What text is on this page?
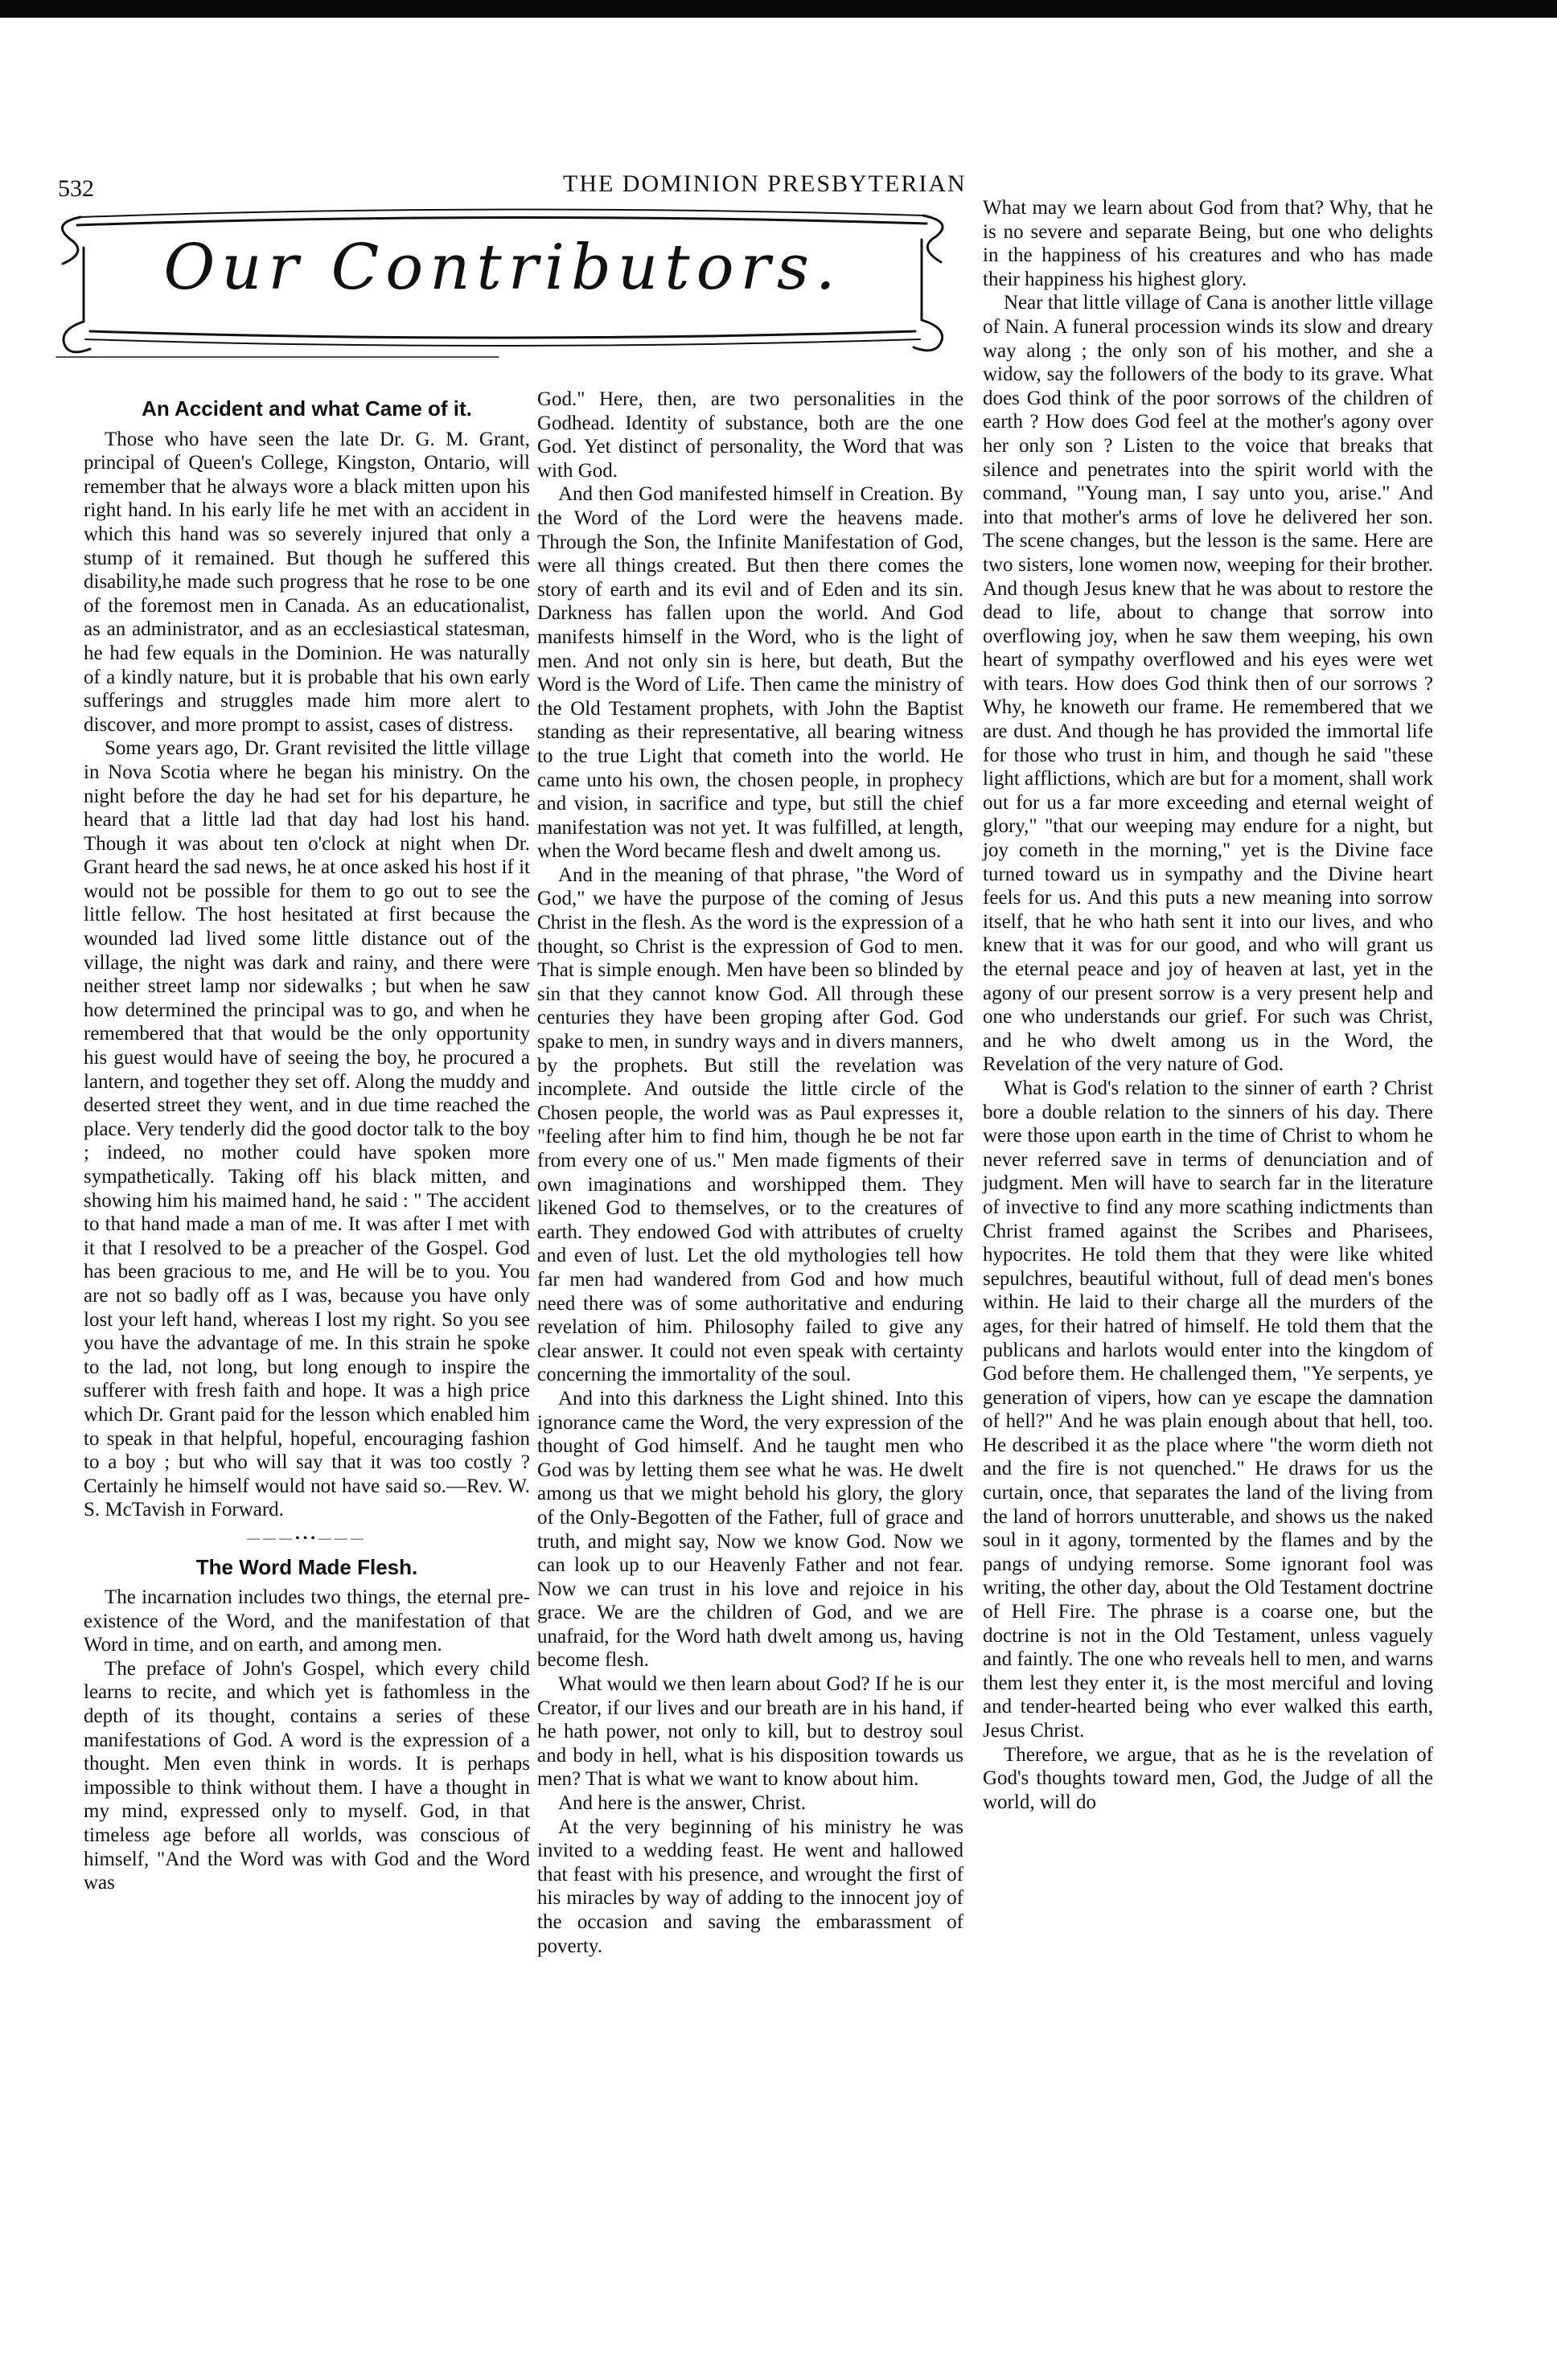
532	THE DOMINION PRESBYTERIAN
Our Contributors.
An Accident and what Came of it.

Those who have seen the late Dr. G. M. Grant, principal of Queen's College, Kingston, Ontario, will remember that he always wore a black mitten upon his right hand. In his early life he met with an accident in which this hand was so severely injured that only a stump of it remained. But though he suffered this disability,he made such progress that he rose to be one of the foremost men in Canada. As an educationalist, as an administrator, and as an ecclesiastical statesman, he had few equals in the Dominion. He was naturally of a kindly nature, but it is probable that his own early sufferings and struggles made him more alert to discover, and more prompt to assist, cases of distress.

Some years ago, Dr. Grant revisited the little village in Nova Scotia where he began his ministry. On the night before the day he had set for his departure, he heard that a little lad that day had lost his hand. Though it was about ten o'clock at night when Dr. Grant heard the sad news, he at once asked his host if it would not be possible for them to go out to see the little fellow. The host hesitated at first because the wounded lad lived some little distance out of the village, the night was dark and rainy, and there were neither street lamp nor sidewalks ; but when he saw how determined the principal was to go, and when he remembered that that would be the only opportunity his guest would have of seeing the boy, he procured a lantern, and together they set off. Along the muddy and deserted street they went, and in due time reached the place. Very tenderly did the good doctor talk to the boy ; indeed, no mother could have spoken more sympathetically. Taking off his black mitten, and showing him his maimed hand, he said : " The accident to that hand made a man of me. It was after I met with it that I resolved to be a preacher of the Gospel. God has been gracious to me, and He will be to you. You are not so badly off as I was, because you have only lost your left hand, whereas I lost my right. So you see you have the advantage of me. In this strain he spoke to the lad, not long, but long enough to inspire the sufferer with fresh faith and hope. It was a high price which Dr. Grant paid for the lesson which enabled him to speak in that helpful, hopeful, encouraging fashion to a boy ; but who will say that it was too costly ? Certainly he himself would not have said so.—Rev. W. S. McTavish in Forward.

———•••———
The Word Made Flesh.

The incarnation includes two things, the eternal pre-existence of the Word, and the manifestation of that Word in time, and on earth, and among men.

The preface of John's Gospel, which every child learns to recite, and which yet is fathomless in the depth of its thought, contains a series of these manifestations of God. A word is the expression of a thought. Men even think in words. It is perhaps impossible to think without them. I have a thought in my mind, expressed only to myself. God, in that timeless age before all worlds, was conscious of himself, "And the Word was with God and the Word was

God." Here, then, are two personalities in the Godhead. Identity of substance, both are the one God. Yet distinct of personality, the Word that was with God.

And then God manifested himself in Creation. By the Word of the Lord were the heavens made. Through the Son, the Infinite Manifestation of God, were all things created. But then there comes the story of earth and its evil and of Eden and its sin. Darkness has fallen upon the world. And God manifests himself in the Word, who is the light of men. And not only sin is here, but death, But the Word is the Word of Life. Then came the ministry of the Old Testament prophets, with John the Baptist standing as their representative, all bearing witness to the true Light that cometh into the world. He came unto his own, the chosen people, in prophecy and vision, in sacrifice and type, but still the chief manifestation was not yet. It was fulfilled, at length, when the Word became flesh and dwelt among us.

And in the meaning of that phrase, "the Word of God," we have the purpose of the coming of Jesus Christ in the flesh. As the word is the expression of a thought, so Christ is the expression of God to men. That is simple enough. Men have been so blinded by sin that they cannot know God. All through these centuries they have been groping after God. God spake to men, in sundry ways and in divers manners, by the prophets. But still the revelation was incomplete. And outside the little circle of the Chosen people, the world was as Paul expresses it, "feeling after him to find him, though he be not far from every one of us." Men made figments of their own imaginations and worshipped them. They likened God to themselves, or to the creatures of earth. They endowed God with attributes of cruelty and even of lust. Let the old mythologies tell how far men had wandered from God and how much need there was of some authoritative and enduring revelation of him. Philosophy failed to give any clear answer. It could not even speak with certainty concerning the immortality of the soul.

And into this darkness the Light shined. Into this ignorance came the Word, the very expression of the thought of God himself. And he taught men who God was by letting them see what he was. He dwelt among us that we might behold his glory, the glory of the Only-Begotten of the Father, full of grace and truth, and might say, Now we know God. Now we can look up to our Heavenly Father and not fear. Now we can trust in his love and rejoice in his grace. We are the children of God, and we are unafraid, for the Word hath dwelt among us, having become flesh.

What would we then learn about God? If he is our Creator, if our lives and our breath are in his hand, if he hath power, not only to kill, but to destroy soul and body in hell, what is his disposition towards us men? That is what we want to know about him.

And here is the answer, Christ.

At the very beginning of his ministry he was invited to a wedding feast. He went and hallowed that feast with his presence, and wrought the first of his miracles by way of adding to the innocent joy of the occasion and saving the embarassment of poverty.

What may we learn about God from that? Why, that he is no severe and separate Being, but one who delights in the happiness of his creatures and who has made their happiness his highest glory.

Near that little village of Cana is another little village of Nain. A funeral procession winds its slow and dreary way along ; the only son of his mother, and she a widow, say the followers of the body to its grave. What does God think of the poor sorrows of the children of earth ? How does God feel at the mother's agony over her only son ? Listen to the voice that breaks that silence and penetrates into the spirit world with the command, "Young man, I say unto you, arise." And into that mother's arms of love he delivered her son. The scene changes, but the lesson is the same. Here are two sisters, lone women now, weeping for their brother. And though Jesus knew that he was about to restore the dead to life, about to change that sorrow into overflowing joy, when he saw them weeping, his own heart of sympathy overflowed and his eyes were wet with tears. How does God think then of our sorrows ? Why, he knoweth our frame. He remembered that we are dust. And though he has provided the immortal life for those who trust in him, and though he said "these light afflictions, which are but for a moment, shall work out for us a far more exceeding and eternal weight of glory," "that our weeping may endure for a night, but joy cometh in the morning," yet is the Divine face turned toward us in sympathy and the Divine heart feels for us. And this puts a new meaning into sorrow itself, that he who hath sent it into our lives, and who knew that it was for our good, and who will grant us the eternal peace and joy of heaven at last, yet in the agony of our present sorrow is a very present help and one who understands our grief. For such was Christ, and he who dwelt among us in the Word, the Revelation of the very nature of God.

What is God's relation to the sinner of earth ? Christ bore a double relation to the sinners of his day. There were those upon earth in the time of Christ to whom he never referred save in terms of denunciation and of judgment. Men will have to search far in the literature of invective to find any more scathing indictments than Christ framed against the Scribes and Pharisees, hypocrites. He told them that they were like whited sepulchres, beautiful without, full of dead men's bones within. He laid to their charge all the murders of the ages, for their hatred of himself. He told them that the publicans and harlots would enter into the kingdom of God before them. He challenged them, "Ye serpents, ye generation of vipers, how can ye escape the damnation of hell?" And he was plain enough about that hell, too. He described it as the place where "the worm dieth not and the fire is not quenched." He draws for us the curtain, once, that separates the land of the living from the land of horrors unutterable, and shows us the naked soul in it agony, tormented by the flames and by the pangs of undying remorse. Some ignorant fool was writing, the other day, about the Old Testament doctrine of Hell Fire. The phrase is a coarse one, but the doctrine is not in the Old Testament, unless vaguely and faintly. The one who reveals hell to men, and warns them lest they enter it, is the most merciful and loving and tender-hearted being who ever walked this earth, Jesus Christ.

Therefore, we argue, that as he is the revelation of God's thoughts toward men, God, the Judge of all the world, will do
